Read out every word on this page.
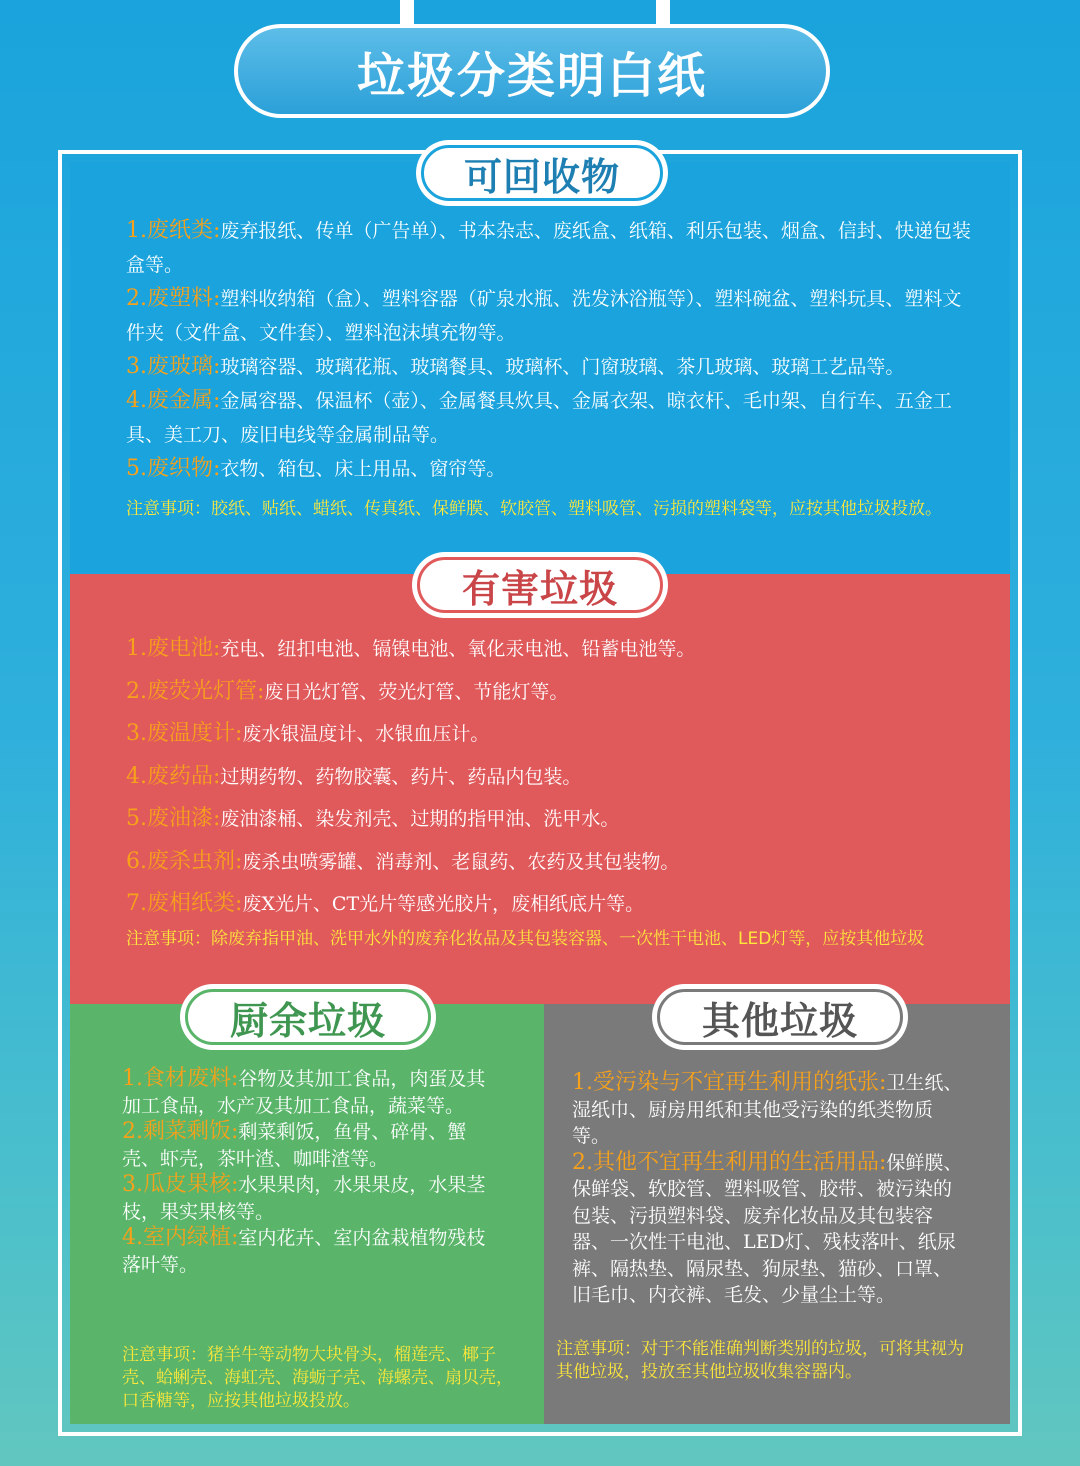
垃圾分类明白纸
可回收物
有害垃圾
厨余垃圾	其他垃圾
1.废纸类:废弃报纸、传单（广告单）、书本杂志、废纸盒、纸箱、利乐包装、烟盒、信封、快递包装盒等。
2.废塑料:塑料收纳箱（盒）、塑料容器（矿泉水瓶、洗发沐浴瓶等）、塑料碗盆、塑料玩具、塑料文件夹（文件盒、文件套）、塑料泡沫填充物等。
3.废玻璃:玻璃容器、玻璃花瓶、玻璃餐具、玻璃杯、门窗玻璃、茶几玻璃、玻璃工艺品等。
4.废金属:金属容器、保温杯（壶）、金属餐具炊具、金属衣架、晾衣杆、毛巾架、自行车、五金工具、美工刀、废旧电线等金属制品等。
5.废织物:衣物、箱包、床上用品、窗帘等。
注意事项：胶纸、贴纸、蜡纸、传真纸、保鲜膜、软胶管、塑料吸管、污损的塑料袋等，应按其他垃圾投放。
1.废电池:充电、纽扣电池、镉镍电池、氧化汞电池、铅蓄电池等。
2.废荧光灯管:废日光灯管、荧光灯管、节能灯等。
3.废温度计:废水银温度计、水银血压计。
4.废药品:过期药物、药物胶囊、药片、药品内包装。
5.废油漆:废油漆桶、染发剂壳、过期的指甲油、洗甲水。
6.废杀虫剂:废杀虫喷雾罐、消毒剂、老鼠药、农药及其包装物。
7.废相纸类:废X光片、CT光片等感光胶片，废相纸底片等。
注意事项：除废弃指甲油、洗甲水外的废弃化妆品及其包装容器、一次性干电池、LED灯等，应按其他垃圾
1.食材废料:谷物及其加工食品，肉蛋及其加工食品，水产及其加工食品，蔬菜等。
2.剩菜剩饭:剩菜剩饭，鱼骨、碎骨、蟹壳、虾壳，茶叶渣、咖啡渣等。
3.瓜皮果核:水果果肉，水果果皮，水果茎枝，果实果核等。
4.室内绿植:室内花卉、室内盆栽植物残枝落叶等。
注意事项：猪羊牛等动物大块骨头，榴莲壳、椰子壳、蛤蜊壳、海虹壳、海蛎子壳、海螺壳、扇贝壳，口香糖等，应按其他垃圾投放。
1.受污染与不宜再生利用的纸张:卫生纸、湿纸巾、厨房用纸和其他受污染的纸类物质等。
2.其他不宜再生利用的生活用品:保鲜膜、保鲜袋、软胶管、塑料吸管、胶带、被污染的包装、污损塑料袋、废弃化妆品及其包装容器、一次性干电池、LED灯、残枝落叶、纸尿裤、隔热垫、隔尿垫、狗尿垫、猫砂、口罩、旧毛巾、内衣裤、毛发、少量尘土等。
注意事项：对于不能准确判断类别的垃圾，可将其视为其他垃圾，投放至其他垃圾收集容器内。
